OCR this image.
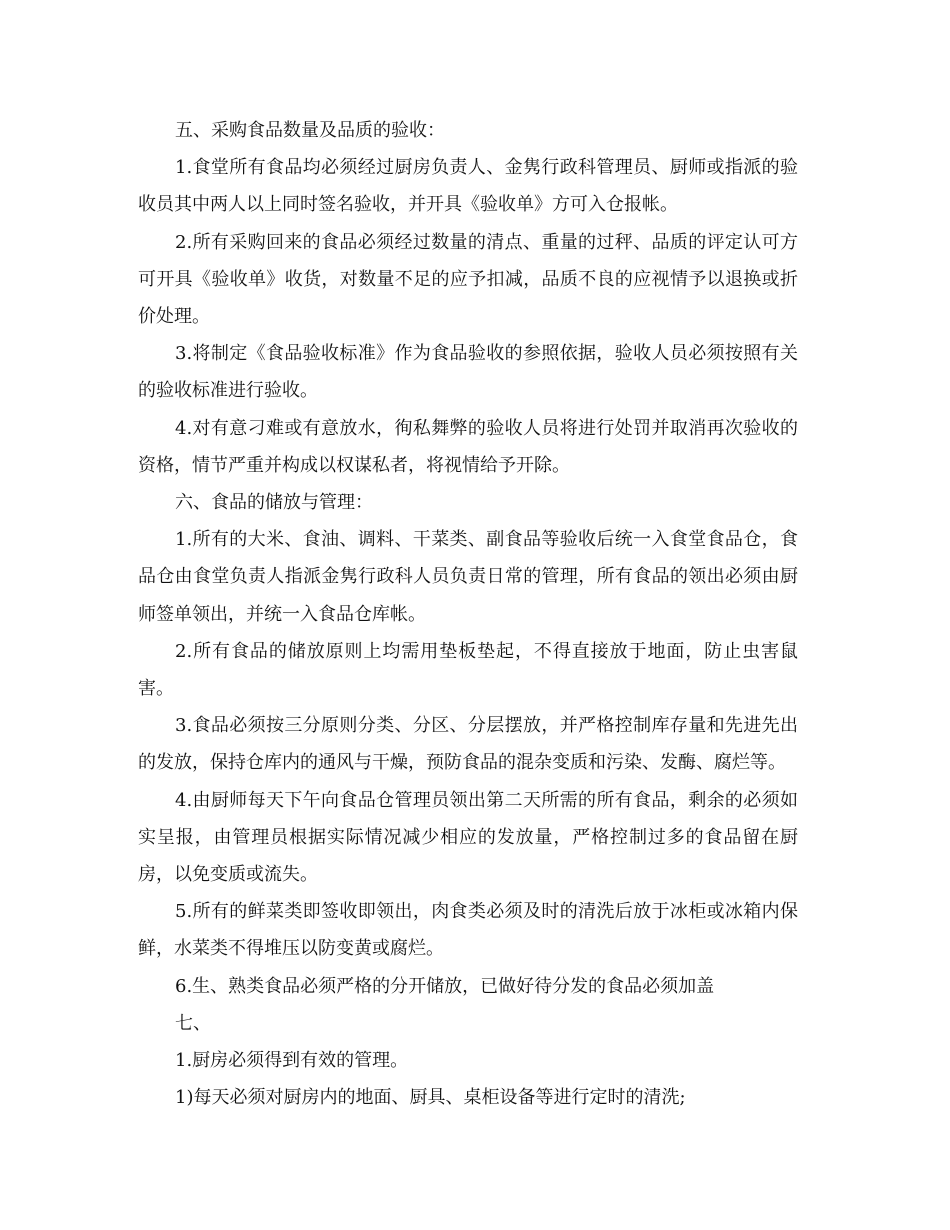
五、采购食品数量及品质的验收：

1.食堂所有食品均必须经过厨房负责人、金隽行政科管理员、厨师或指派的验收员其中两人以上同时签名验收，并开具《验收单》方可入仓报帐。

2.所有采购回来的食品必须经过数量的清点、重量的过秤、品质的评定认可方可开具《验收单》收货，对数量不足的应予扣减，品质不良的应视情予以退换或折价处理。

3.将制定《食品验收标准》作为食品验收的参照依据，验收人员必须按照有关的验收标准进行验收。

4.对有意刁难或有意放水，徇私舞弊的验收人员将进行处罚并取消再次验收的资格，情节严重并构成以权谋私者，将视情给予开除。

六、食品的储放与管理：

1.所有的大米、食油、调料、干菜类、副食品等验收后统一入食堂食品仓，食品仓由食堂负责人指派金隽行政科人员负责日常的管理，所有食品的领出必须由厨师签单领出，并统一入食品仓库帐。

2.所有食品的储放原则上均需用垫板垫起，不得直接放于地面，防止虫害鼠害。

3.食品必须按三分原则分类、分区、分层摆放，并严格控制库存量和先进先出的发放，保持仓库内的通风与干燥，预防食品的混杂变质和污染、发酶、腐烂等。

4.由厨师每天下午向食品仓管理员领出第二天所需的所有食品，剩余的必须如实呈报，由管理员根据实际情况减少相应的发放量，严格控制过多的食品留在厨房，以免变质或流失。

5.所有的鲜菜类即签收即领出，肉食类必须及时的清洗后放于冰柜或冰箱内保鲜，水菜类不得堆压以防变黄或腐烂。

6.生、熟类食品必须严格的分开储放，已做好待分发的食品必须加盖

七、

1.厨房必须得到有效的管理。

1)每天必须对厨房内的地面、厨具、桌柜设备等进行定时的清洗;
